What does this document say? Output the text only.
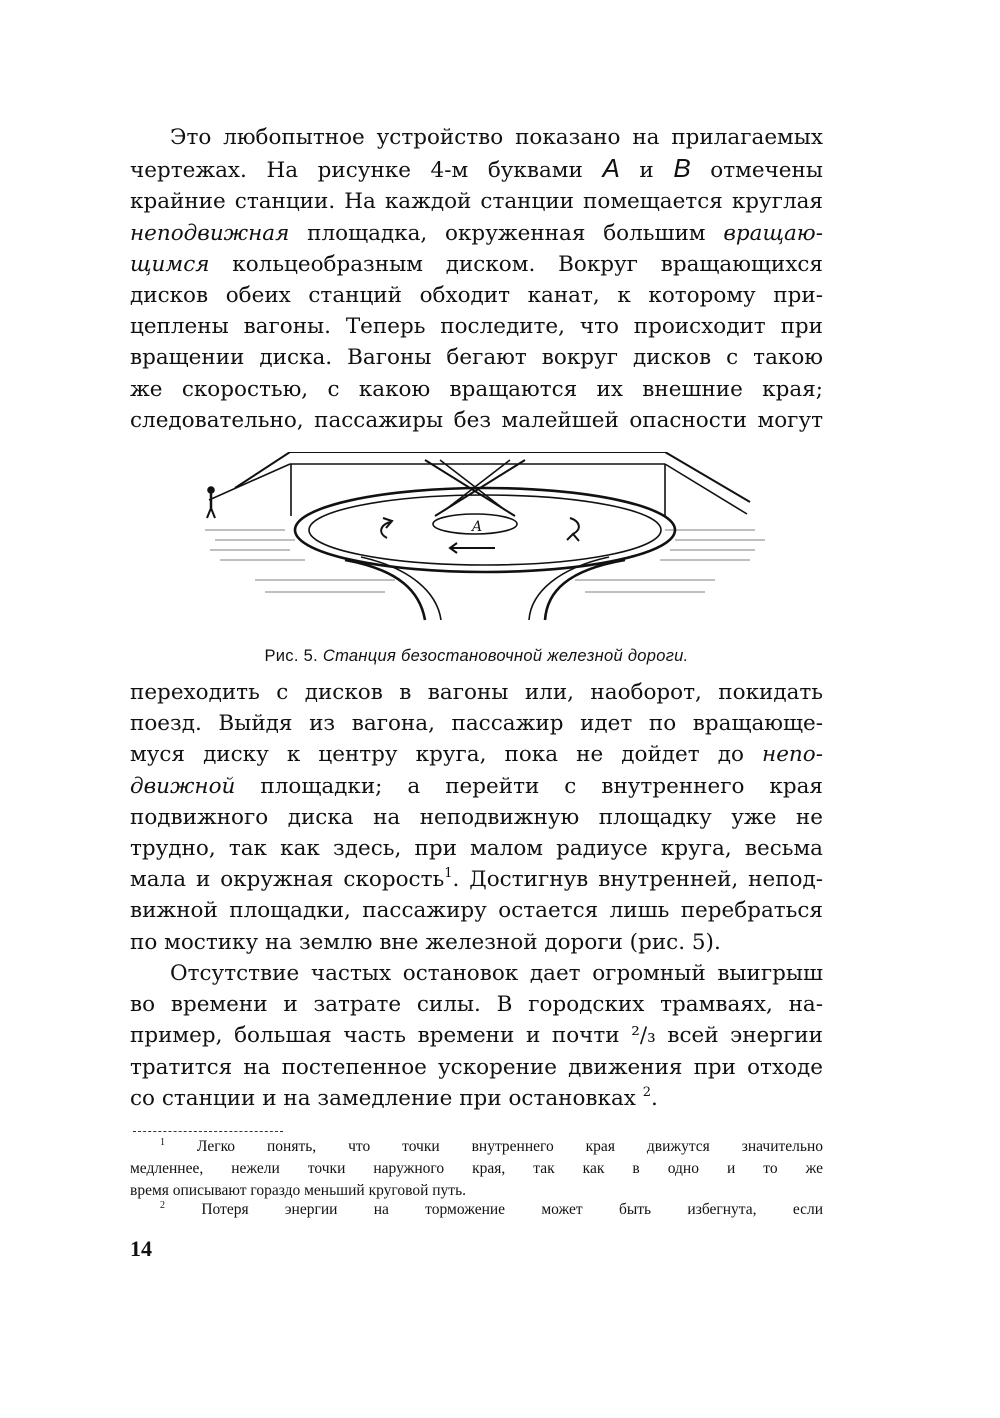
Это любопытное устройство показано на прилагаемых
чертежах. На рисунке 4-м буквами A и B отмечены
крайние станции. На каждой станции помещается круглая
неподвижная площадка, окруженная большим вращаю-
щимся кольцеобразным диском. Вокруг вращающихся
дисков обеих станций обходит канат, к которому при-
цеплены вагоны. Теперь последите, что происходит при
вращении диска. Вагоны бегают вокруг дисков с такою
же скоростью, с какою вращаются их внешние края;
следовательно, пассажиры без малейшей опасности могут
A
Рис. 5. Станция безостановочной железной дороги.
переходить с дисков в вагоны или, наоборот, покидать
поезд. Выйдя из вагона, пассажир идет по вращающе-
муся диску к центру круга, пока не дойдет до непо-
движной площадки; а перейти с внутреннего края
подвижного диска на неподвижную площадку уже не
трудно, так как здесь, при малом радиусе круга, весьма
мала и окружная скорость$^1$. Достигнув внутренней, непод-
вижной площадки, пассажиру остается лишь перебраться
по мостику на землю вне железной дороги (рис. 5).
Отсутствие частых остановок дает огромный выигрыш
во времени и затрате силы. В городских трамваях, на-
пример, большая часть времени и почти ²/₃ всей энергии
тратится на постепенное ускорение движения при отходе
со станции и на замедление при остановках $^2$.
$^1$ Легко понять, что точки внутреннего края движутся значительно
медленнее, нежели точки наружного края, так как в одно и то же
время описывают гораздо меньший круговой путь.
$^2$ Потеря энергии на торможение может быть избегнута, если
14
